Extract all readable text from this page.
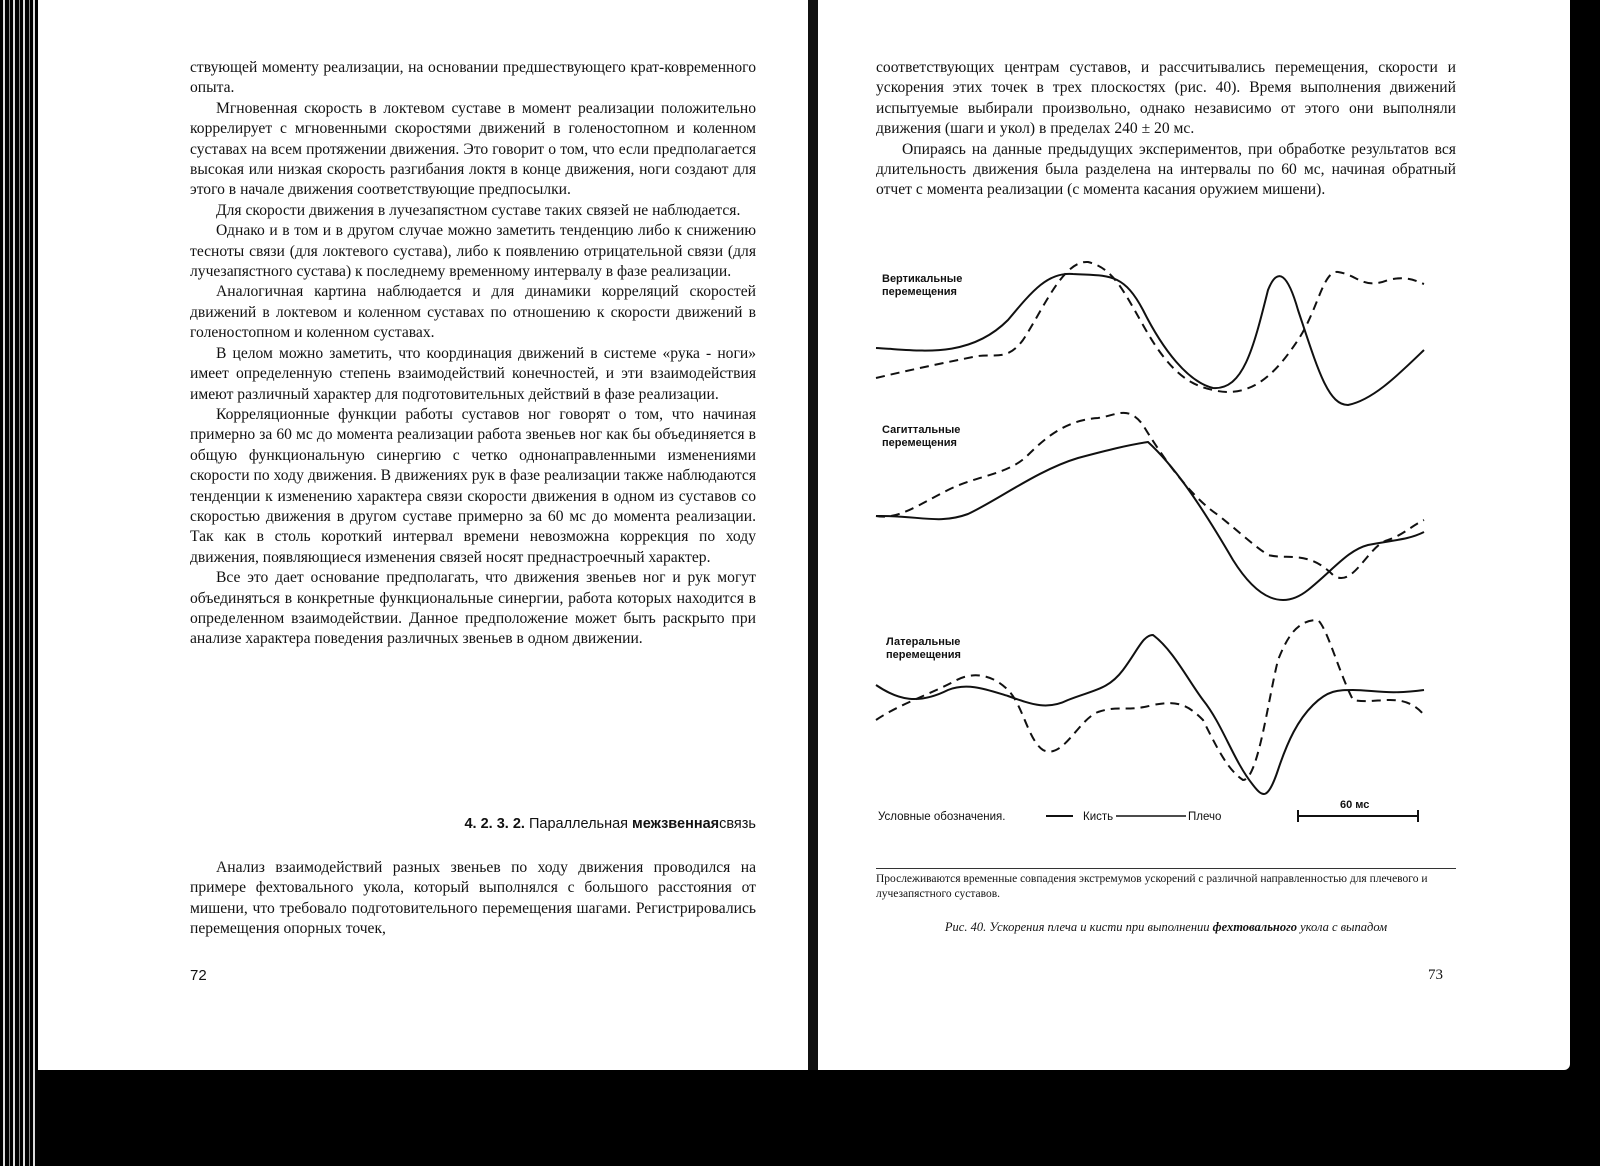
ствующей моменту реализации, на основании предшествующего крат-ковременного опыта.

Мгновенная скорость в локтевом суставе в момент реализации положительно коррелирует с мгновенными скоростями движений в голеностопном и коленном суставах на всем протяжении движения. Это говорит о том, что если предполагается высокая или низкая скорость разгибания локтя в конце движения, ноги создают для этого в начале движения соответствующие предпосылки.

Для скорости движения в лучезапястном суставе таких связей не наблюдается.

Однако и в том и в другом случае можно заметить тенденцию либо к снижению тесноты связи (для локтевого сустава), либо к появлению отрицательной связи (для лучезапястного сустава) к последнему временному интервалу в фазе реализации.

Аналогичная картина наблюдается и для динамики корреляций скоростей движений в локтевом и коленном суставах по отношению к скорости движений в голеностопном и коленном суставах.

В целом можно заметить, что координация движений в системе «рука - ноги» имеет определенную степень взаимодействий конечностей, и эти взаимодействия имеют различный характер для подготовительных действий в фазе реализации.

Корреляционные функции работы суставов ног говорят о том, что начиная примерно за 60 мс до момента реализации работа звеньев ног как бы объединяется в общую функциональную синергию с четко однонаправленными изменениями скорости по ходу движения. В движениях рук в фазе реализации также наблюдаются тенденции к изменению характера связи скорости движения в одном из суставов со скоростью движения в другом суставе примерно за 60 мс до момента реализации. Так как в столь короткий интервал времени невозможна коррекция по ходу движения, появляющиеся изменения связей носят преднастроечный характер.

Все это дает основание предполагать, что движения звеньев ног и рук могут объединяться в конкретные функциональные синергии, работа которых находится в определенном взаимодействии. Данное предположение может быть раскрыто при анализе характера поведения различных звеньев в одном движении.

4. 2. 3. 2. Параллельная межзвеннаясвязь

Анализ взаимодействий разных звеньев по ходу движения проводился на примере фехтовального укола, который выполнялся с большого расстояния от мишени, что требовало подготовительного перемещения шагами. Регистрировались перемещения опорных точек,

72

соответствующих центрам суставов, и рассчитывались перемещения, скорости и ускорения этих точек в трех плоскостях (рис. 40). Время выполнения движений испытуемые выбирали произвольно, однако независимо от этого они выполняли движения (шаги и укол) в пределах 240 ± 20 мс.

Опираясь на данные предыдущих экспериментов, при обработке результатов вся длительность движения была разделена на интервалы по 60 мс, начиная обратный отчет с момента реализации (с момента касания оружием мишени).

Вертикальные
перемещения
Сагиттальные
перемещения
Латеральные
перемещения
Условные обозначения.	Кисть	Плечо
60 мс
Прослеживаются временные совпадения экстремумов ускорений с различной направленностью для плечевого и лучезапястного суставов.
Рис. 40. Ускорения плеча и кисти при выполнении фехтовального укола с выпадом
73
